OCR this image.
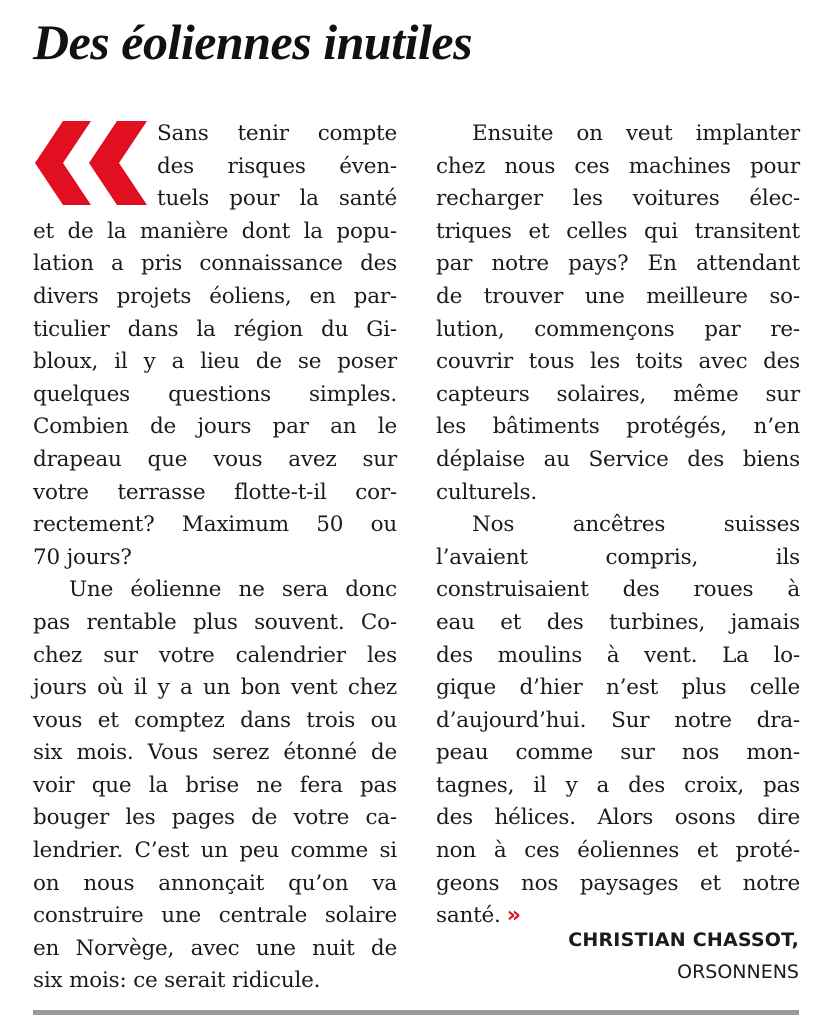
Des éoliennes inutiles

Sans tenir compte

des risques éven-

tuels pour la santé

et de la manière dont la popu-

lation a pris connaissance des

divers projets éoliens, en par-

ticulier dans la région du Gi-

bloux, il y a lieu de se poser

quelques questions simples.

Combien de jours par an le

drapeau que vous avez sur

votre terrasse flotte-t-il cor-

rectement? Maximum 50 ou

70 jours?

Une éolienne ne sera donc

pas rentable plus souvent. Co-

chez sur votre calendrier les

jours où il y a un bon vent chez

vous et comptez dans trois ou

six mois. Vous serez étonné de

voir que la brise ne fera pas

bouger les pages de votre ca-

lendrier. C’est un peu comme si

on nous annonçait qu’on va

construire une centrale solaire

en Norvège, avec une nuit de

six mois: ce serait ridicule.

Ensuite on veut implanter

chez nous ces machines pour

recharger les voitures élec-

triques et celles qui transitent

par notre pays? En attendant

de trouver une meilleure so-

lution, commençons par re-

couvrir tous les toits avec des

capteurs solaires, même sur

les bâtiments protégés, n’en

déplaise au Service des biens

culturels.

Nos ancêtres suisses

l’avaient compris, ils

construisaient des roues à

eau et des turbines, jamais

des moulins à vent. La lo-

gique d’hier n’est plus celle

d’aujourd’hui. Sur notre dra-

peau comme sur nos mon-

tagnes, il y a des croix, pas

des hélices. Alors osons dire

non à ces éoliennes et proté-

geons nos paysages et notre

santé. »

CHRISTIAN CHASSOT,
ORSONNENS
